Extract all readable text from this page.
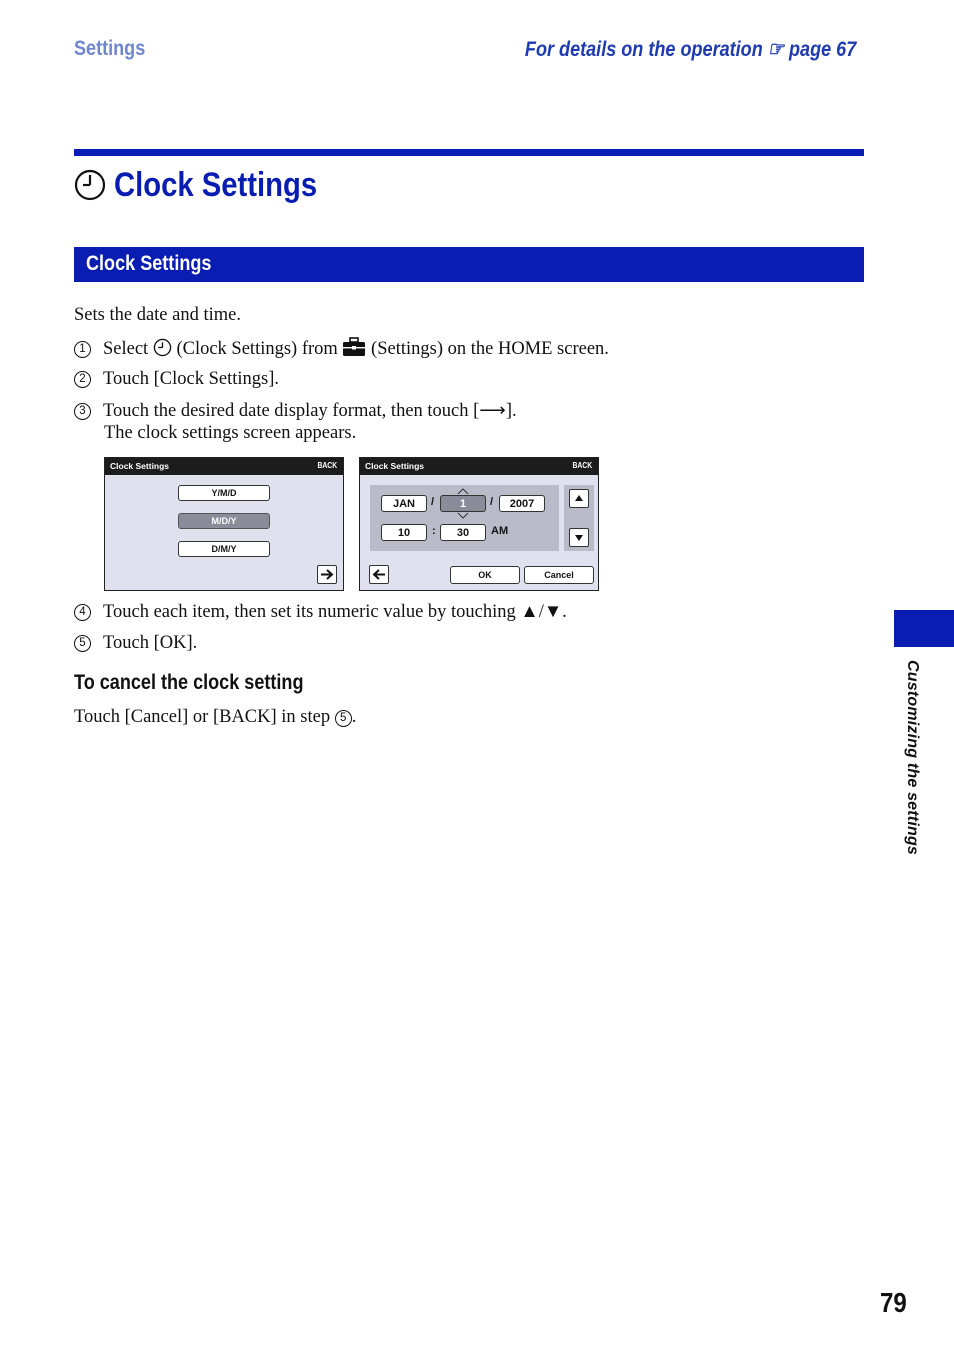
Settings	For details on the operation ☞ page 67
Clock Settings
Clock Settings
Sets the date and time.
1 Select (Clock Settings) from (Settings) on the HOME screen.
2 Touch [Clock Settings].
3 Touch the desired date display format, then touch [⟶].
The clock settings screen appears.
Clock Settings	BACK
Y/M/D
M/D/Y
D/M/Y
Clock Settings	BACK
JAN	/	1	/	2007
10	:	30	AM
OK	Cancel
4 Touch each item, then set its numeric value by touching ▲/▼.
5 Touch [OK].
To cancel the clock setting
Touch [Cancel] or [BACK] in step 5 .	Customizing the settings
79
